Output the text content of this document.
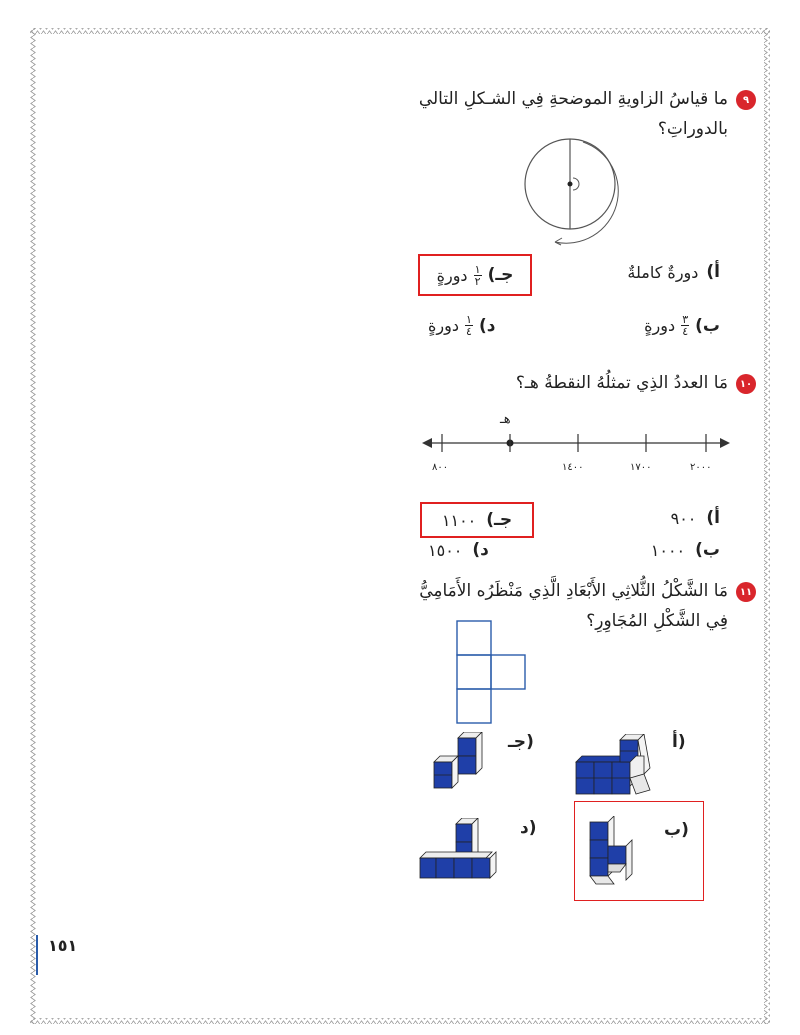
٩
ما قياسُ الزاويةِ الموضحةِ فِي الشـكلِ التالي
بالدوراتِ؟
أ)
دورةٌ كاملةٌ
جـ)
$\frac{١}{٢}$
دورةٍ
ب)
$\frac{٣}{٤}$
دورةٍ
د)
$\frac{١}{٤}$
دورةٍ
١٠
مَا العددُ الذِي تمثلُهُ النقطةُ هـ؟
هـ
٨٠٠	١٤٠٠	١٧٠٠	٢٠٠٠
أ)
٩٠٠
جـ)
١١٠٠
ب)
١٠٠٠
د)
١٥٠٠
١١
مَا الشَّكْلُ الثُّلاثِي الأَبْعَادِ الَّذِي مَنْظَرُه الأَمَامِيُّ
فِي الشَّكْلِ المُجَاوِرِ؟
أ)
جـ)
ب)
د)
١٥١
